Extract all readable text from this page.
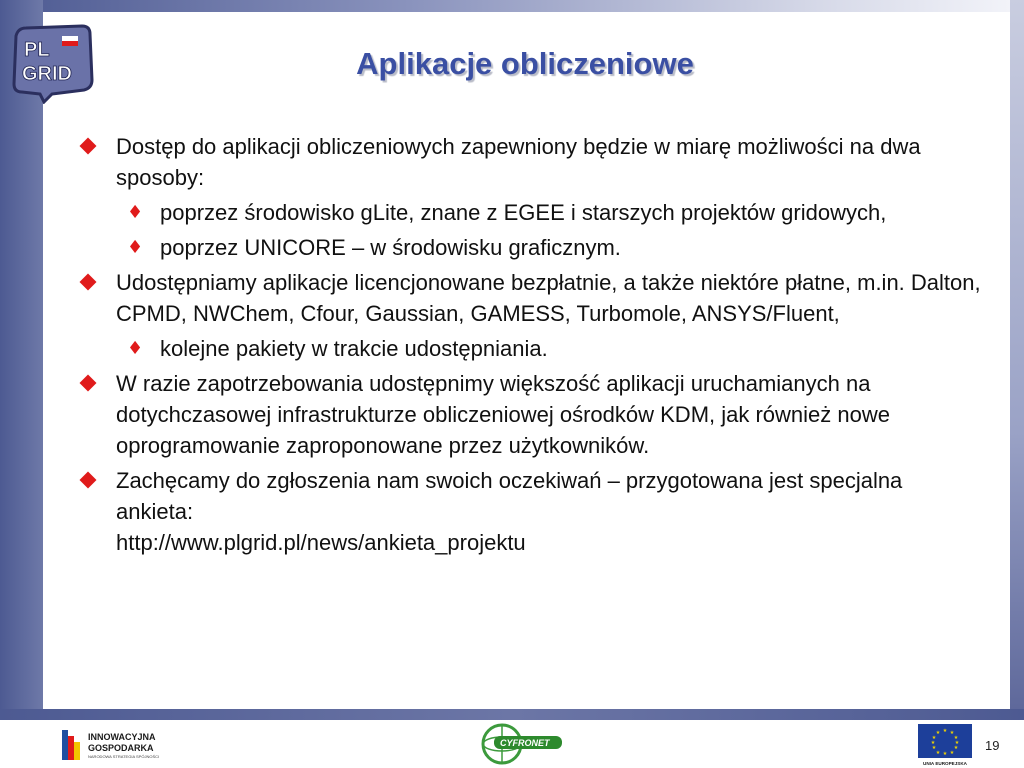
PL
GRID	Aplikacje obliczeniowe
Dostęp do aplikacji obliczeniowych zapewniony będzie w miarę możliwości na dwa sposoby:
♦ poprzez środowisko gLite, znane z EGEE i starszych projektów gridowych,
♦ poprzez UNICORE – w środowisku graficznym.
Udostępniamy aplikacje licencjonowane bezpłatnie, a także niektóre płatne, m.in. Dalton, CPMD, NWChem, Cfour, Gaussian, GAMESS, Turbomole, ANSYS/Fluent,
♦ kolejne pakiety w trakcie udostępniania.
W razie zapotrzebowania udostępnimy większość aplikacji uruchamianych na dotychczasowej infrastrukturze obliczeniowej ośrodków KDM, jak również nowe oprogramowanie zaproponowane przez użytkowników.
Zachęcamy do zgłoszenia nam swoich oczekiwań – przygotowana jest specjalna ankieta:
http://www.plgrid.pl/news/ankieta_projektu
INNOWACYJNA
GOSPODARKA
NARODOWA STRATEGIA SPÓJNOŚCI
CYFRONET
★ ★
★
★
★
★
★
★
★
★
★
★
UNIA EUROPEJSKA
19
